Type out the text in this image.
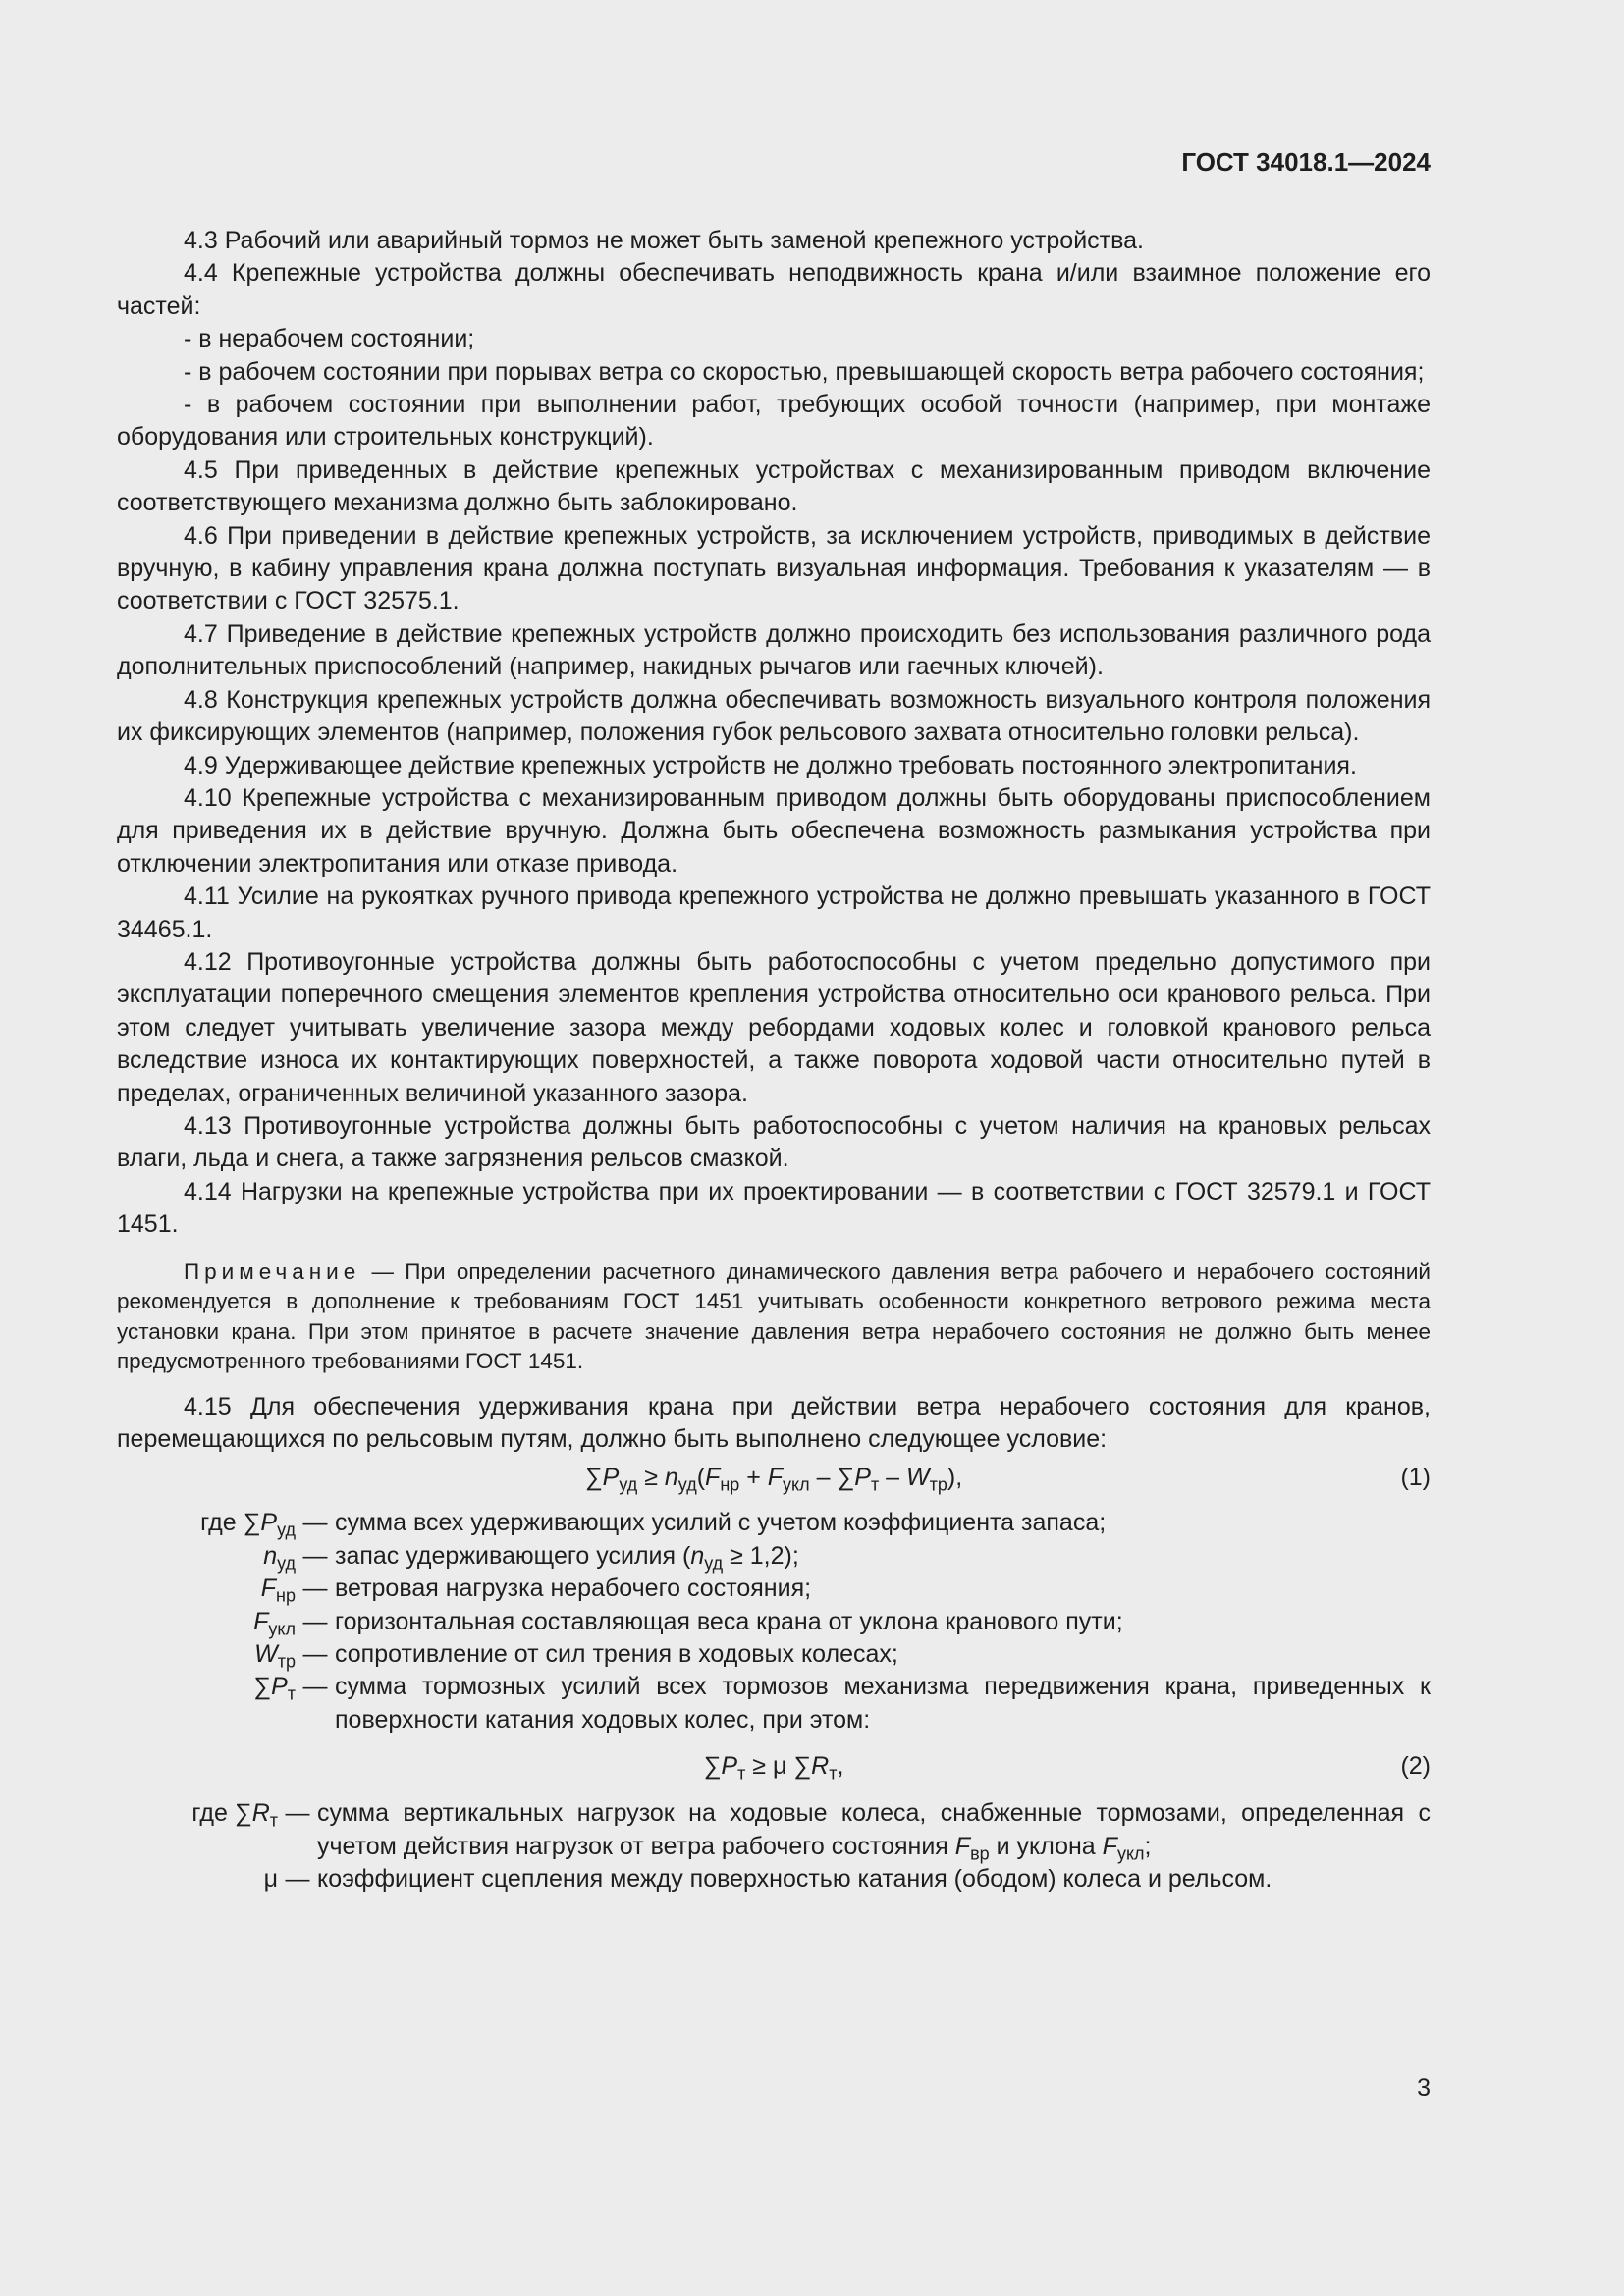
ГОСТ 34018.1—2024

4.3 Рабочий или аварийный тормоз не может быть заменой крепежного устройства.

4.4 Крепежные устройства должны обеспечивать неподвижность крана и/или взаимное положение его частей:

- в нерабочем состоянии;

- в рабочем состоянии при порывах ветра со скоростью, превышающей скорость ветра рабочего состояния;

- в рабочем состоянии при выполнении работ, требующих особой точности (например, при монтаже оборудования или строительных конструкций).

4.5 При приведенных в действие крепежных устройствах с механизированным приводом включение соответствующего механизма должно быть заблокировано.

4.6 При приведении в действие крепежных устройств, за исключением устройств, приводимых в действие вручную, в кабину управления крана должна поступать визуальная информация. Требования к указателям — в соответствии с ГОСТ 32575.1.

4.7 Приведение в действие крепежных устройств должно происходить без использования различного рода дополнительных приспособлений (например, накидных рычагов или гаечных ключей).

4.8 Конструкция крепежных устройств должна обеспечивать возможность визуального контроля положения их фиксирующих элементов (например, положения губок рельсового захвата относительно головки рельса).

4.9 Удерживающее действие крепежных устройств не должно требовать постоянного электропитания.

4.10 Крепежные устройства с механизированным приводом должны быть оборудованы приспособлением для приведения их в действие вручную. Должна быть обеспечена возможность размыкания устройства при отключении электропитания или отказе привода.

4.11 Усилие на рукоятках ручного привода крепежного устройства не должно превышать указанного в ГОСТ 34465.1.

4.12 Противоугонные устройства должны быть работоспособны с учетом предельно допустимого при эксплуатации поперечного смещения элементов крепления устройства относительно оси кранового рельса. При этом следует учитывать увеличение зазора между ребордами ходовых колес и головкой кранового рельса вследствие износа их контактирующих поверхностей, а также поворота ходовой части относительно путей в пределах, ограниченных величиной указанного зазора.

4.13 Противоугонные устройства должны быть работоспособны с учетом наличия на крановых рельсах влаги, льда и снега, а также загрязнения рельсов смазкой.

4.14 Нагрузки на крепежные устройства при их проектировании — в соответствии с ГОСТ 32579.1 и ГОСТ 1451.

Примечание — При определении расчетного динамического давления ветра рабочего и нерабочего состояний рекомендуется в дополнение к требованиям ГОСТ 1451 учитывать особенности конкретного ветрового режима места установки крана. При этом принятое в расчете значение давления ветра нерабочего состояния не должно быть менее предусмотренного требованиями ГОСТ 1451.

4.15 Для обеспечения удерживания крана при действии ветра нерабочего состояния для кранов, перемещающихся по рельсовым путям, должно быть выполнено следующее условие:

$\sum P_{уд} \ge n_{уд}(F_{нр} + F_{укл} - \sum P_т - W_{тр})$,	(1)
где $\sum P_{уд}$ — сумма всех удерживающих усилий с учетом коэффициента запаса;
$n_{уд}$ — запас удерживающего усилия $(n_{уд} \ge 1,2)$;
$F_{нр}$ — ветровая нагрузка нерабочего состояния;
$F_{укл}$ — горизонтальная составляющая веса крана от уклона кранового пути;
$W_{тр}$ — сопротивление от сил трения в ходовых колесах;
$\sum P_т$ — сумма тормозных усилий всех тормозов механизма передвижения крана, приведенных к поверхности катания ходовых колес, при этом:
$\sum P_т \ge \mu$ $\sum R_т$,	(2)
где $\sum R_т$ — сумма вертикальных нагрузок на ходовые колеса, снабженные тормозами, определенная с учетом действия нагрузок от ветра рабочего состояния $F_{вр}$ и уклона $F_{укл}$;
μ — коэффициент сцепления между поверхностью катания (ободом) колеса и рельсом.
3
